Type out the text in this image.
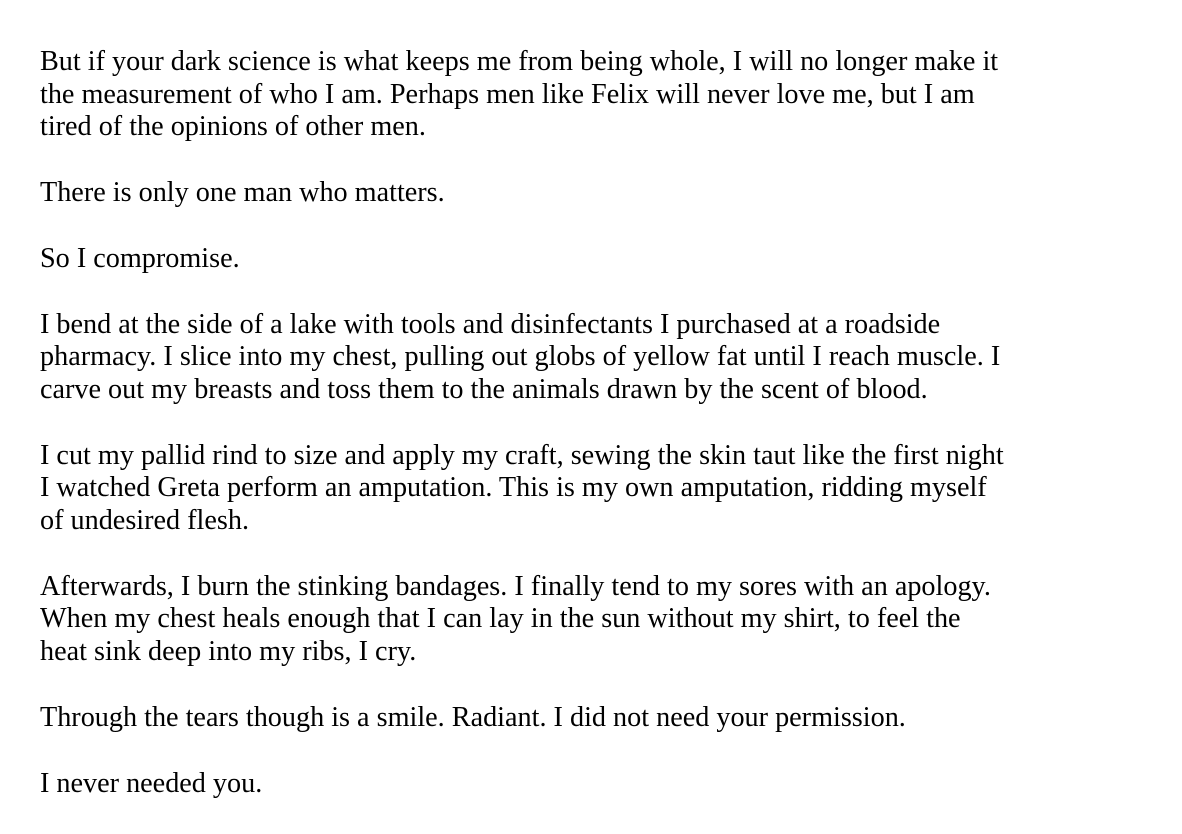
But if your dark science is what keeps me from being whole, I will no longer make it
the measurement of who I am. Perhaps men like Felix will never love me, but I am
tired of the opinions of other men.

There is only one man who matters.

So I compromise.

I bend at the side of a lake with tools and disinfectants I purchased at a roadside
pharmacy. I slice into my chest, pulling out globs of yellow fat until I reach muscle. I
carve out my breasts and toss them to the animals drawn by the scent of blood.

I cut my pallid rind to size and apply my craft, sewing the skin taut like the first night
I watched Greta perform an amputation. This is my own amputation, ridding myself
of undesired flesh.

Afterwards, I burn the stinking bandages. I finally tend to my sores with an apology.
When my chest heals enough that I can lay in the sun without my shirt, to feel the
heat sink deep into my ribs, I cry.

Through the tears though is a smile. Radiant. I did not need your permission.

I never needed you.
